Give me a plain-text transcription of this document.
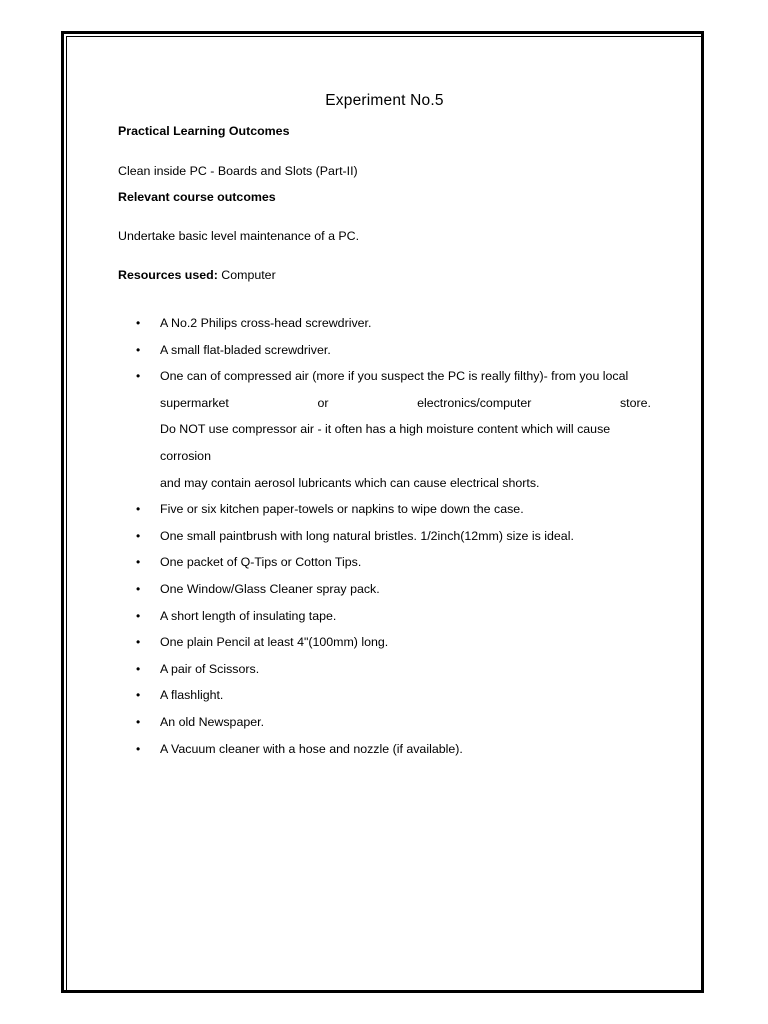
Experiment No.5

Practical Learning Outcomes

Clean inside PC - Boards and Slots (Part-II)

Relevant course outcomes

Undertake basic level maintenance of a PC.

Resources used: Computer

• A No.2 Philips cross-head screwdriver.
• A small flat-bladed screwdriver.
• One can of compressed air (more if you suspect the PC is really filthy)- from you local
supermarket	or	electronics/computer	store.
Do NOT use compressor air - it often has a high moisture content which will cause
corrosion
and may contain aerosol lubricants which can cause electrical shorts.
• Five or six kitchen paper-towels or napkins to wipe down the case.
• One small paintbrush with long natural bristles. 1/2inch(12mm) size is ideal.
• One packet of Q-Tips or Cotton Tips.
• One Window/Glass Cleaner spray pack.
• A short length of insulating tape.
• One plain Pencil at least 4"(100mm) long.
• A pair of Scissors.
• A flashlight.
• An old Newspaper.
• A Vacuum cleaner with a hose and nozzle (if available).
